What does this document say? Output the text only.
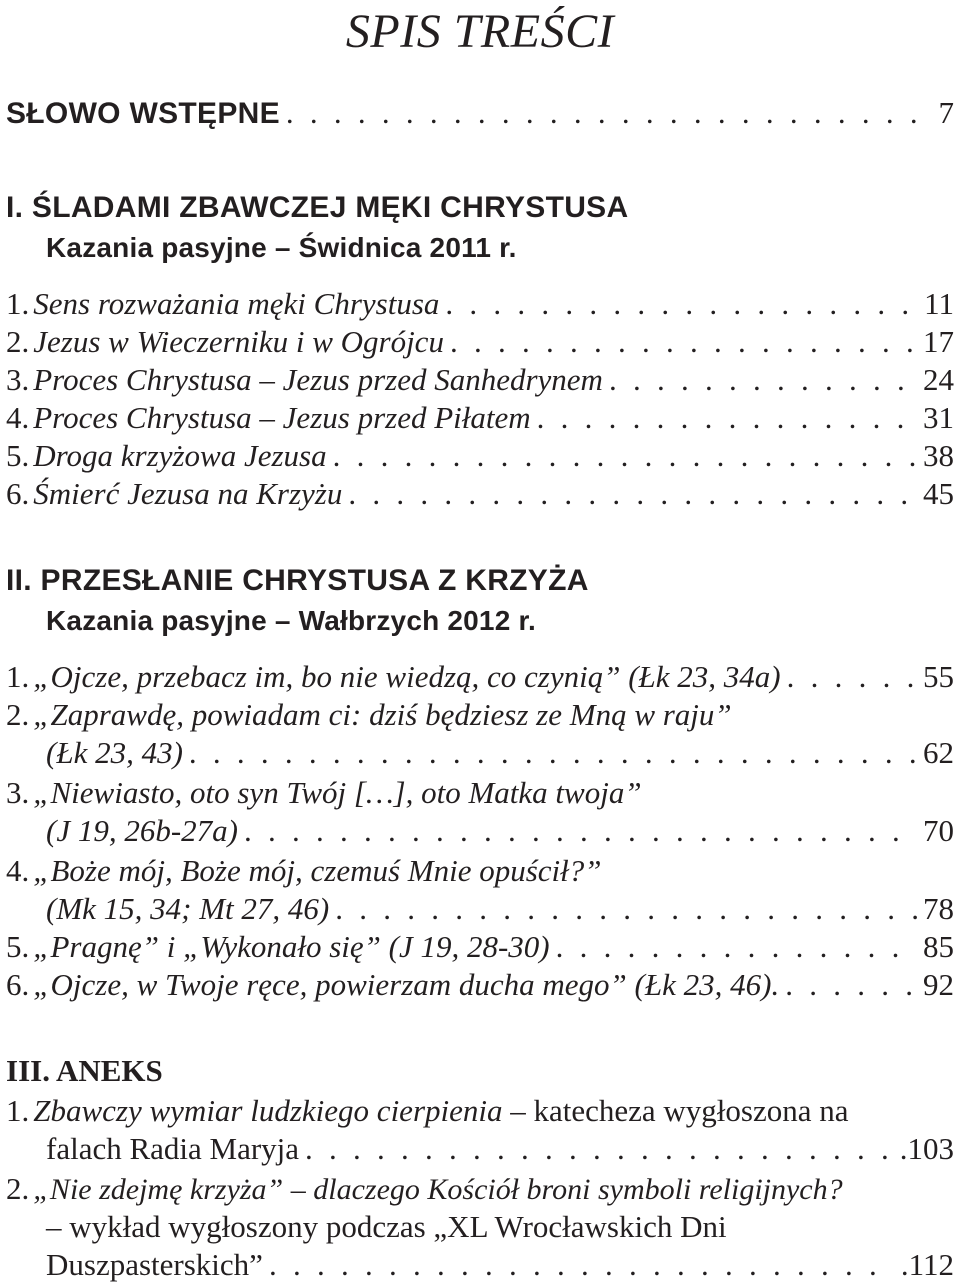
SPIS TREŚCI
SŁOWO WSTĘPNE . . .	7
I. ŚLADAMI ZBAWCZEJ MĘKI CHRYSTUSA
Kazania pasyjne – Świdnica 2011 r.
1. Sens rozważania męki Chrystusa . . .	11
2. Jezus w Wieczerniku i w Ogrójcu . . .	17
3. Proces Chrystusa – Jezus przed Sanhedrynem . . .	24
4. Proces Chrystusa – Jezus przed Piłatem . . .	31
5. Droga krzyżowa Jezusa . . .	38
6. Śmierć Jezusa na Krzyżu . . .	45
II. PRZESŁANIE CHRYSTUSA Z KRZYŻA
Kazania pasyjne – Wałbrzych 2012 r.
1. „Ojcze, przebacz im, bo nie wiedzą, co czynią” (Łk 23, 34a) . . .	55
2. „Zaprawdę, powiadam ci: dziś będziesz ze Mną w raju”
(Łk 23, 43) . . .	62
3. „Niewiasto, oto syn Twój […], oto Matka twoja”
(J 19, 26b-27a) . . .	70
4. „Boże mój, Boże mój, czemuś Mnie opuścił?”
(Mk 15, 34; Mt 27, 46) . . .	78
5. „Pragnę” i „Wykonało się” (J 19, 28-30) . . .	85
6. „Ojcze, w Twoje ręce, powierzam ducha mego” (Łk 23, 46). . . .	92
III. ANEKS
1. Zbawczy wymiar ludzkiego cierpienia – katecheza wygłoszona na
falach Radia Maryja . . .	.103
2. „Nie zdejmę krzyża” – dlaczego Kościół broni symboli religijnych?
– wykład wygłoszony podczas „XL Wrocławskich Dni
Duszpasterskich” . . .	.112
